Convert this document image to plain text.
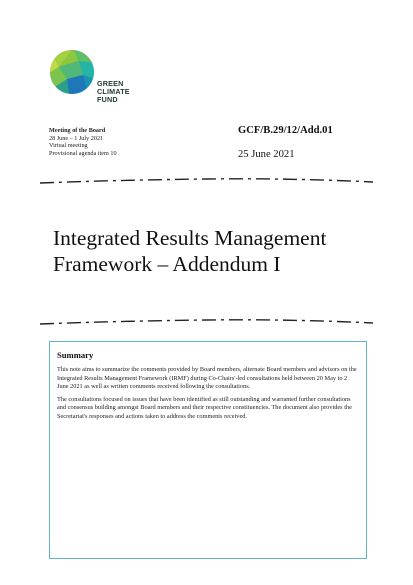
GREEN
CLIMATE
FUND
Meeting of the Board
28 June – 1 July 2021
Virtual meeting
Provisional agenda item 10
GCF/B.29/12/Add.01
25 June 2021
Integrated Results Management
Framework – Addendum I
Summary

This note aims to summarize the comments provided by Board members, alternate Board members and advisors on the Integrated Results Management Framework (IRMF) during Co-Chairs'-led consultations held between 20 May to 2 June 2021 as well as written comments received following the consultations.

The consultations focused on issues that have been identified as still outstanding and warranted further consultations and consensus building amongst Board members and their respective constituencies. The document also provides the Secretariat's responses and actions taken to address the comments received.
